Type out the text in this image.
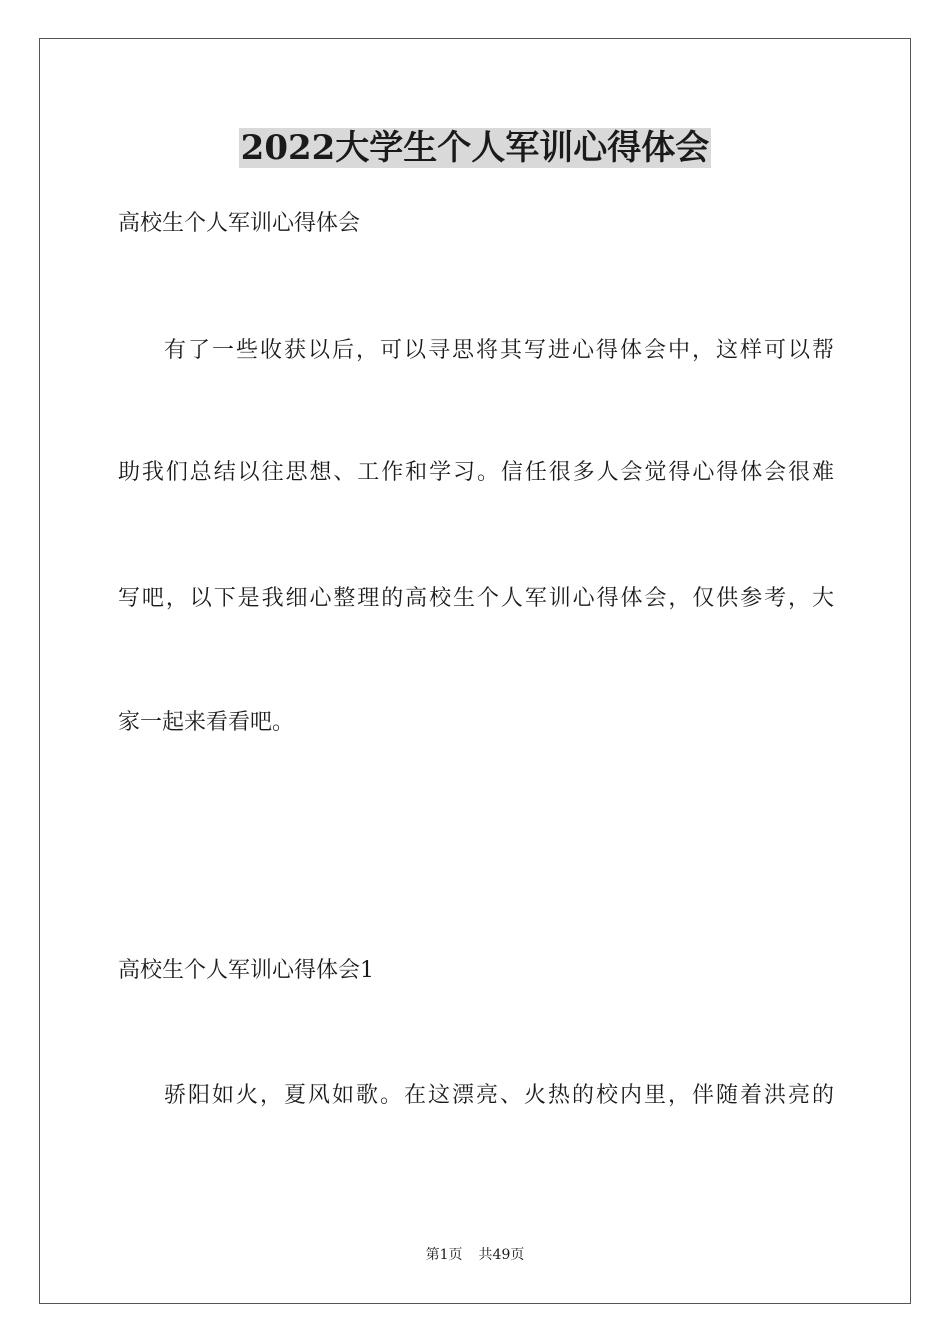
2022大学生个人军训心得体会
高校生个人军训心得体会
有了一些收获以后，可以寻思将其写进心得体会中，这样可以帮
助我们总结以往思想、工作和学习。信任很多人会觉得心得体会很难
写吧，以下是我细心整理的高校生个人军训心得体会，仅供参考，大
家一起来看看吧。
高校生个人军训心得体会1
骄阳如火，夏风如歌。在这漂亮、火热的校内里，伴随着洪亮的
第1页 共49页
